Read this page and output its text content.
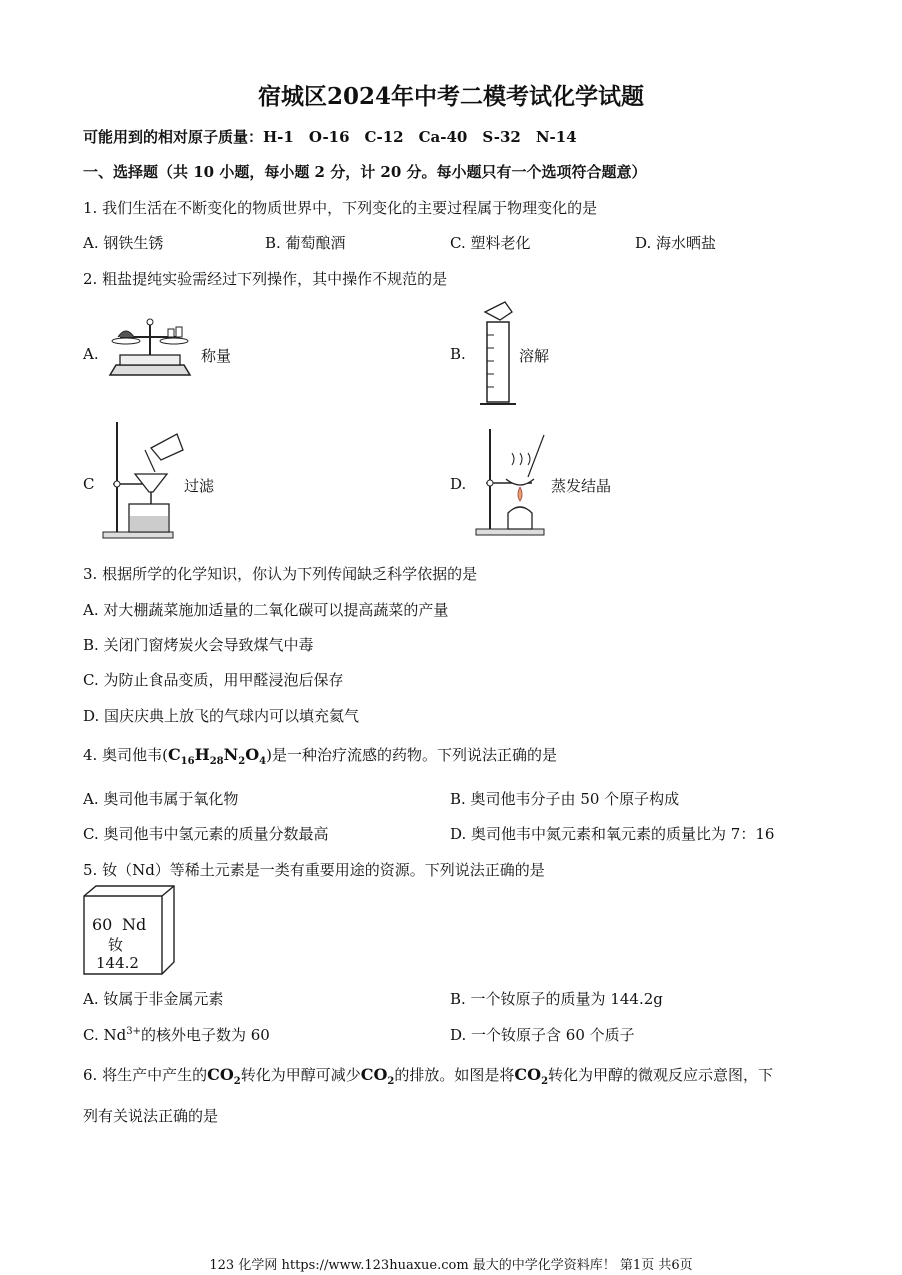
宿城区2024年中考二模考试化学试题
可能用到的相对原子质量：H-1　O-16　C-12　Ca-40　S-32　N-14
一、选择题（共 10 小题，每小题 2 分，计 20 分。每小题只有一个选项符合题意）
1. 我们生活在不断变化的物质世界中，下列变化的主要过程属于物理变化的是
A. 钢铁生锈	B. 葡萄酿酒	C. 塑料老化	D. 海水晒盐
2. 粗盐提纯实验需经过下列操作，其中操作不规范的是
A.	称量	B.	溶解
C	过滤	D.	蒸发结晶
3. 根据所学的化学知识，你认为下列传闻缺乏科学依据的是
A. 对大棚蔬菜施加适量的二氧化碳可以提高蔬菜的产量
B. 关闭门窗烤炭火会导致煤气中毒
C. 为防止食品变质，用甲醛浸泡后保存
D. 国庆庆典上放飞的气球内可以填充氦气
4. 奥司他韦$(C_{16}H_{28}N_2O_4)$是一种治疗流感的药物。下列说法正确的是
A. 奥司他韦属于氧化物	B. 奥司他韦分子由 50 个原子构成
C. 奥司他韦中氢元素的质量分数最高	D. 奥司他韦中氮元素和氧元素的质量比为 7：16
5. 钕（Nd）等稀土元素是一类有重要用途的资源。下列说法正确的是
60 Nd
钕
144.2
A. 钕属于非金属元素	B. 一个钕原子的质量为 144.2g
C. $Nd^{3+}$的核外电子数为 60	D. 一个钕原子含 60 个质子
6. 将生产中产生的$CO_2$转化为甲醇可减少$CO_2$的排放。如图是将$CO_2$转化为甲醇的微观反应示意图，下
列有关说法正确的是
123 化学网 https://www.123huaxue.com 最大的中学化学资料库！ 第1页 共6页
